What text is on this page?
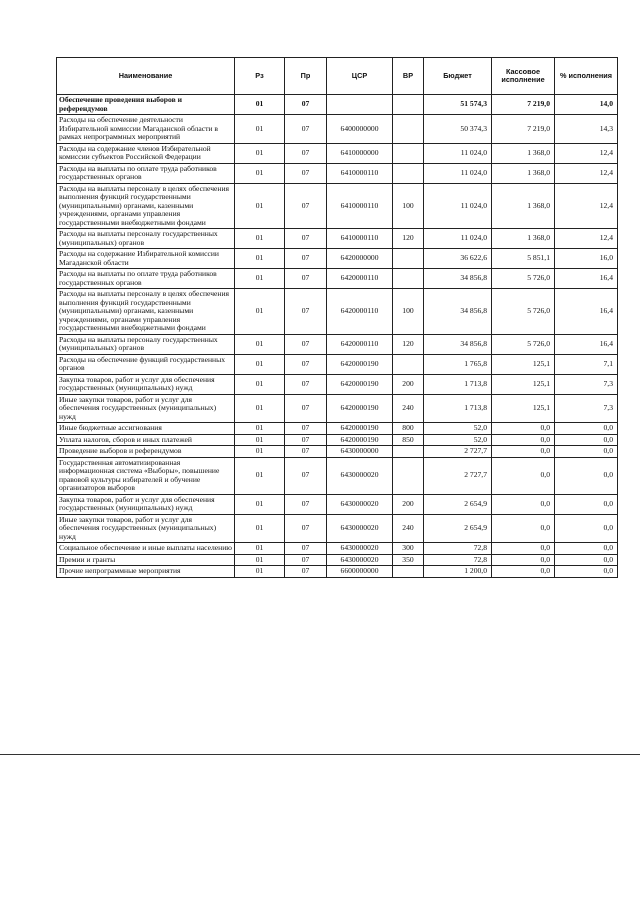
Наименование	Рз	Пр	ЦСР	ВР	Бюджет	Кассовое исполнение	% исполнения
Обеспечение проведения выборов и референдумов	01	07			51 574,3	7 219,0	14,0
Расходы на обеспечение деятельности Избирательной комиссии Магаданской области в рамках непрограммных мероприятий	01	07	6400000000		50 374,3	7 219,0	14,3
Расходы на содержание членов Избирательной комиссии субъектов Российской Федерации	01	07	6410000000		11 024,0	1 368,0	12,4
Расходы на выплаты по оплате труда работников государственных органов	01	07	6410000110		11 024,0	1 368,0	12,4
Расходы на выплаты персоналу в целях обеспечения выполнения функций государственными (муниципальными) органами, казенными учреждениями, органами управления государственными внебюджетными фондами	01	07	6410000110	100	11 024,0	1 368,0	12,4
Расходы на выплаты персоналу государственных (муниципальных) органов	01	07	6410000110	120	11 024,0	1 368,0	12,4
Расходы на содержание Избирательной комиссии Магаданской области	01	07	6420000000		36 622,6	5 851,1	16,0
Расходы на выплаты по оплате труда работников государственных органов	01	07	6420000110		34 856,8	5 726,0	16,4
Расходы на выплаты персоналу в целях обеспечения выполнения функций государственными (муниципальными) органами, казенными учреждениями, органами управления государственными внебюджетными фондами	01	07	6420000110	100	34 856,8	5 726,0	16,4
Расходы на выплаты персоналу государственных (муниципальных) органов	01	07	6420000110	120	34 856,8	5 726,0	16,4
Расходы на обеспечение функций государственных органов	01	07	6420000190		1 765,8	125,1	7,1
Закупка товаров, работ и услуг для обеспечения государственных (муниципальных) нужд	01	07	6420000190	200	1 713,8	125,1	7,3
Иные закупки товаров, работ и услуг для обеспечения государственных (муниципальных) нужд	01	07	6420000190	240	1 713,8	125,1	7,3
Иные бюджетные ассигнования	01	07	6420000190	800	52,0	0,0	0,0
Уплата налогов, сборов и иных платежей	01	07	6420000190	850	52,0	0,0	0,0
Проведение выборов и референдумов	01	07	6430000000		2 727,7	0,0	0,0
Государственная автоматизированная информационная система «Выборы», повышение правовой культуры избирателей и обучение организаторов выборов	01	07	6430000020		2 727,7	0,0	0,0
Закупка товаров, работ и услуг для обеспечения государственных (муниципальных) нужд	01	07	6430000020	200	2 654,9	0,0	0,0
Иные закупки товаров, работ и услуг для обеспечения государственных (муниципальных) нужд	01	07	6430000020	240	2 654,9	0,0	0,0
Социальное обеспечение и иные выплаты населению	01	07	6430000020	300	72,8	0,0	0,0
Премии и гранты	01	07	6430000020	350	72,8	0,0	0,0
Прочие непрограммные мероприятия	01	07	6600000000		1 200,0	0,0	0,0
